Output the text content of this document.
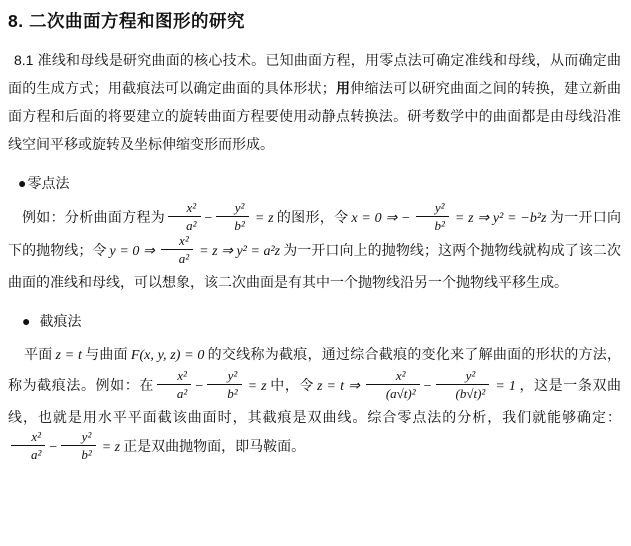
8. 二次曲面方程和图形的研究

8.1 准线和母线是研究曲面的核心技术。已知曲面方程，用零点法可确定准线和母线，从而确定曲面的生成方式；用截痕法可以确定曲面的具体形状；用伸缩法可以研究曲面之间的转换，建立新曲面方程和后面的将要建立的旋转曲面方程要使用动静点转换法。研考数学中的曲面都是由母线沿准线空间平移或旋转及坐标伸缩变形而形成。

●零点法

例如：分析曲面方程为 $\frac{\text{x²}}{\text{a²}} - \frac{\text{y²}}{\text{b²}} = z$ 的图形，令 x = 0 ⇒ − $\frac{\text{y²}}{\text{b²}} = z$ ⇒ y² = −b²z 为一开口向下的抛物线；令 y = 0 ⇒ $\frac{\text{x²}}{\text{a²}} = z$ ⇒ y² = a²z 为一开口向上的抛物线；这两个抛物线就构成了该二次曲面的准线和母线，可以想象，该二次曲面是有其中一个抛物线沿另一个抛物线平移生成。

● 截痕法

平面 z = t 与曲面 F(x, y, z) = 0 的交线称为截痕，通过综合截痕的变化来了解曲面的形状的方法，称为截痕法。例如：在 $\frac{\text{x²}}{\text{a²}} - \frac{\text{y²}}{\text{b²}} = z$ 中，令 z = t ⇒ $\frac{\text{x²}}{\text{(a√t)²}} - \frac{\text{y²}}{\text{(b√t)²}} = 1$ ，这是一条双曲线，也就是用水平平面截该曲面时，其截痕是双曲线。综合零点法的分析，我们就能够确定：
$\frac{\text{x²}}{\text{a²}} - \frac{\text{y²}}{\text{b²}} = z$ 正是双曲抛物面，即马鞍面。
